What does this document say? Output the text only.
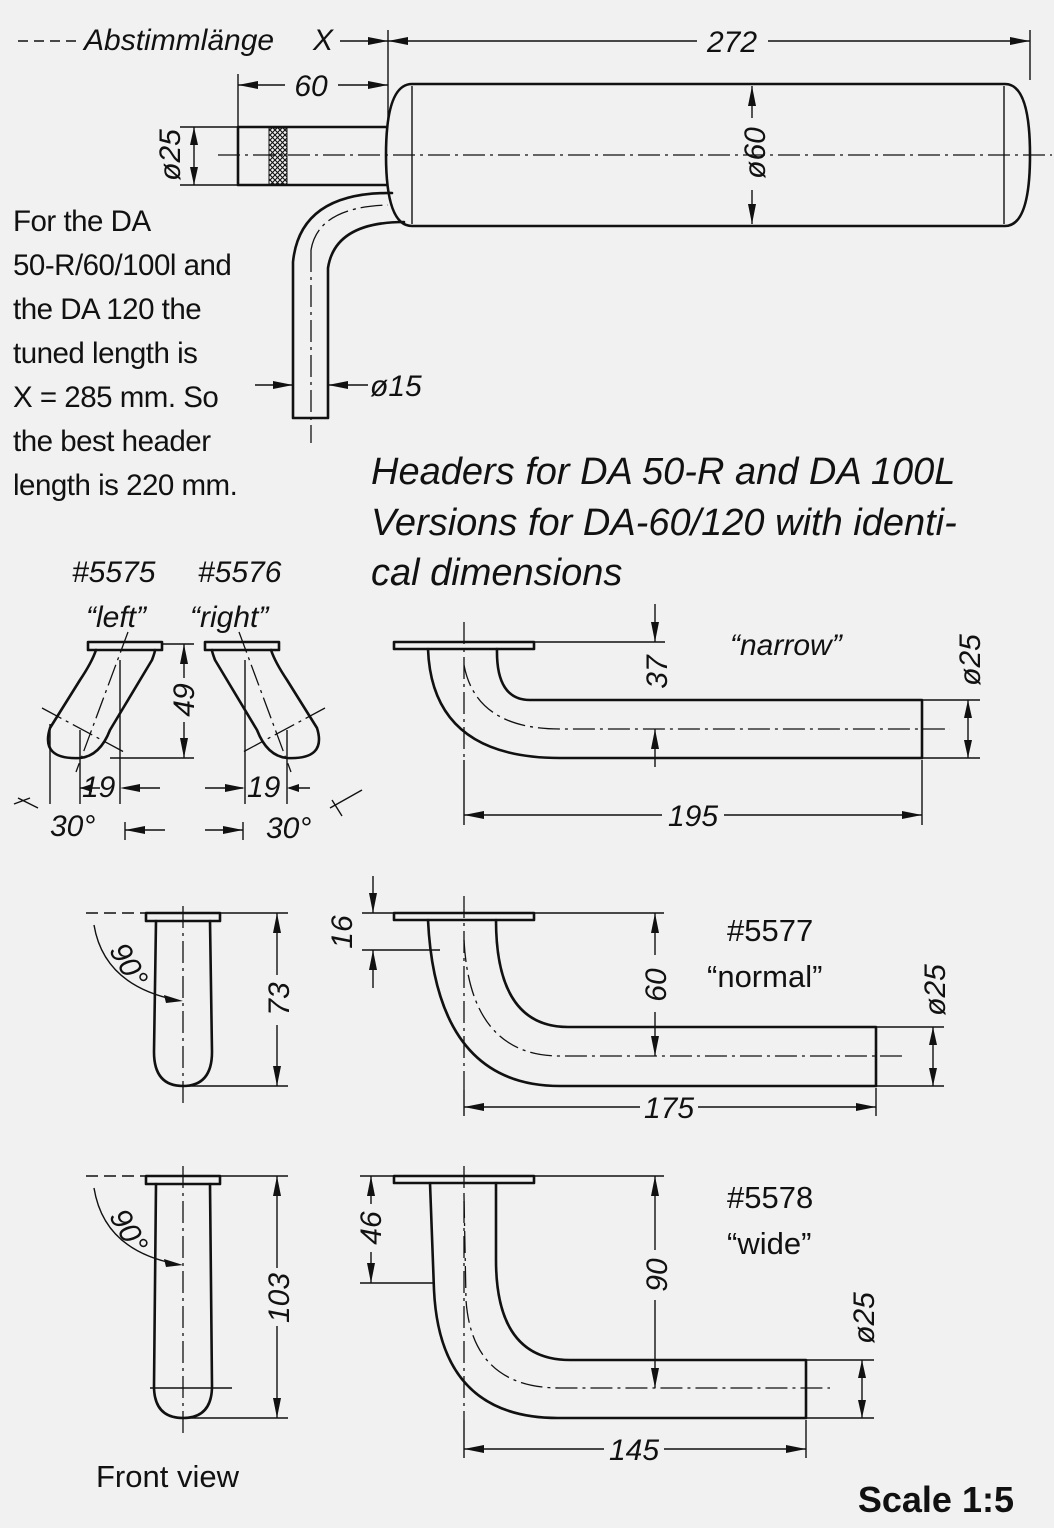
272
Abstimmlänge X
60
ø25	ø60
ø15
For the DA
50-R/60/100l and
the DA 120 the
tuned length is
X = 285 mm. So
the best header
length is 220 mm.	Headers for DA 50-R and DA 100L
Versions for DA-60/120 with identi-
cal dimensions
#5575 #5576
“left” “right”
19
30°
49
19
30°
“narrow”
37	ø25
195
90°
73
#5577
“normal”
16
60	ø25
175
90°
103
#5578
“wide”
46
90
ø25
145
Front view
Scale 1:5
